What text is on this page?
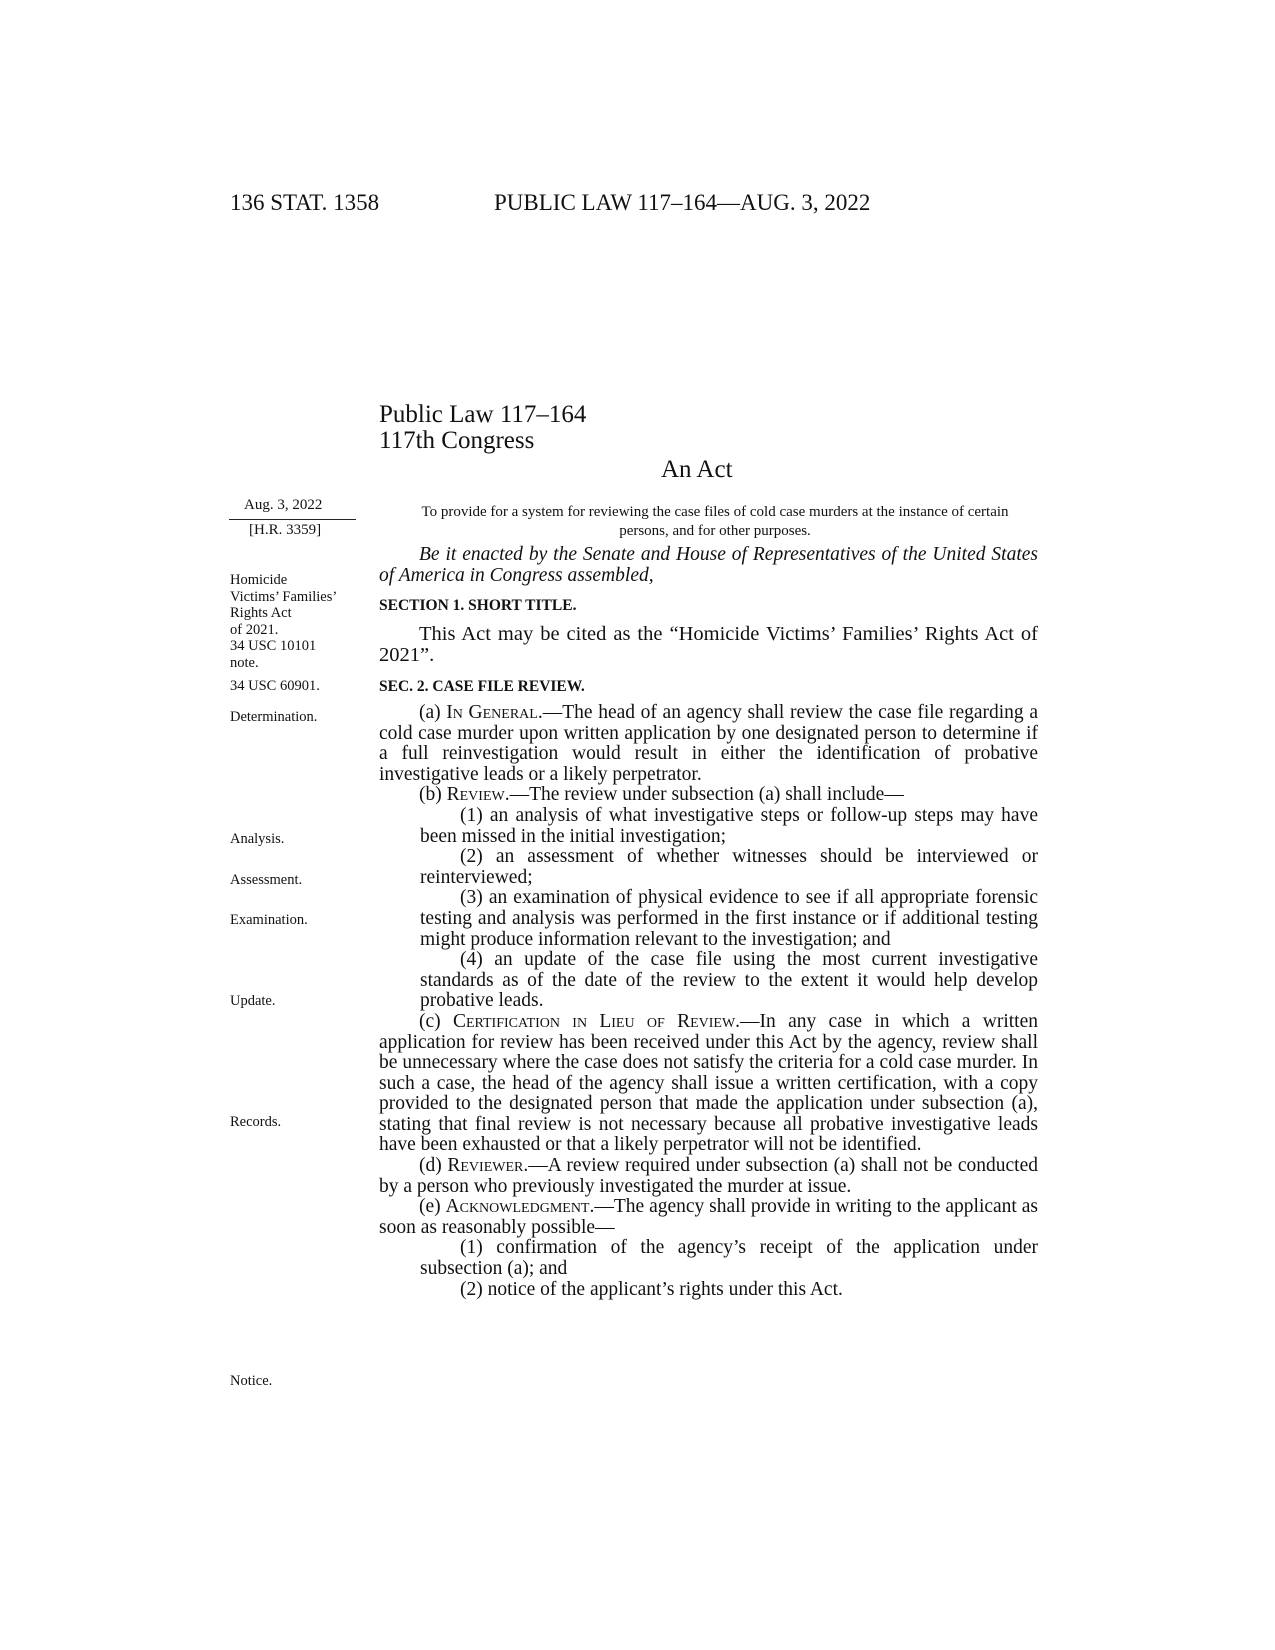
136 STAT. 1358	PUBLIC LAW 117–164—AUG. 3, 2022
Public Law 117–164
117th Congress
An Act
Aug. 3, 2022
[H.R. 3359]
To provide for a system for reviewing the case files of cold case murders at the instance of certain persons, and for other purposes.
Homicide
Victims’ Families’
Rights Act
of 2021.
34 USC 10101
note.
34 USC 60901.
Determination.
Analysis.
Assessment.
Examination.
Update.
Records.
Notice.

Be it enacted by the Senate and House of Representatives of the United States of America in Congress assembled,

SECTION 1. SHORT TITLE.

This Act may be cited as the “Homicide Victims’ Families’ Rights Act of 2021”.

SEC. 2. CASE FILE REVIEW.

(a) In General.—The head of an agency shall review the case file regarding a cold case murder upon written application by one designated person to determine if a full reinvestigation would result in either the identification of probative investigative leads or a likely perpetrator.

(b) Review.—The review under subsection (a) shall include—

(1) an analysis of what investigative steps or follow-up steps may have been missed in the initial investigation;

(2) an assessment of whether witnesses should be interviewed or reinterviewed;

(3) an examination of physical evidence to see if all appropriate forensic testing and analysis was performed in the first instance or if additional testing might produce information relevant to the investigation; and

(4) an update of the case file using the most current investigative standards as of the date of the review to the extent it would help develop probative leads.

(c) Certification in Lieu of Review.—In any case in which a written application for review has been received under this Act by the agency, review shall be unnecessary where the case does not satisfy the criteria for a cold case murder. In such a case, the head of the agency shall issue a written certification, with a copy provided to the designated person that made the application under subsection (a), stating that final review is not necessary because all probative investigative leads have been exhausted or that a likely perpetrator will not be identified.

(d) Reviewer.—A review required under subsection (a) shall not be conducted by a person who previously investigated the murder at issue.

(e) Acknowledgment.—The agency shall provide in writing to the applicant as soon as reasonably possible—

(1) confirmation of the agency’s receipt of the application under subsection (a); and

(2) notice of the applicant’s rights under this Act.
